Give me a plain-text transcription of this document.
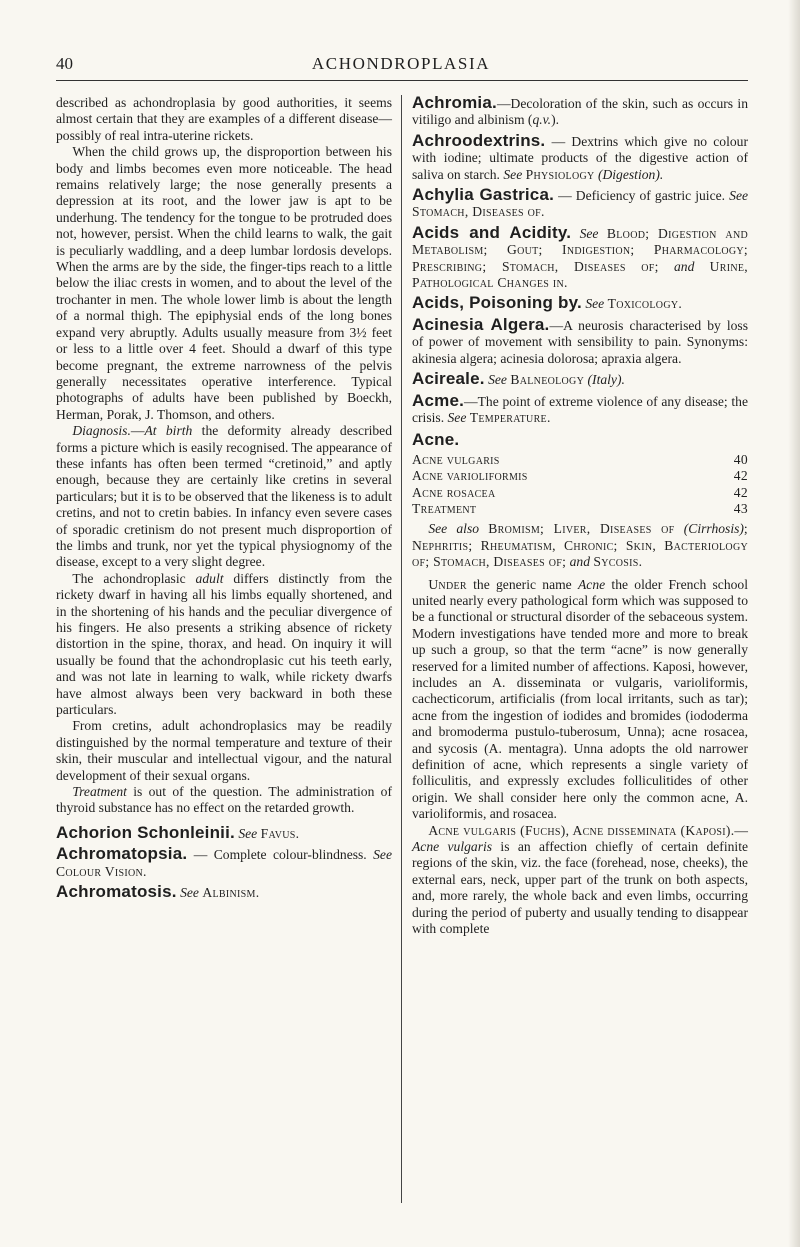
40	ACHONDROPLASIA

described as achondroplasia by good authorities, it seems almost certain that they are examples of a different disease—possibly of real intra-uterine rickets.

When the child grows up, the disproportion between his body and limbs becomes even more noticeable. The head remains relatively large; the nose generally presents a depression at its root, and the lower jaw is apt to be underhung. The tendency for the tongue to be protruded does not, however, persist. When the child learns to walk, the gait is peculiarly waddling, and a deep lumbar lordosis develops. When the arms are by the side, the finger-tips reach to a little below the iliac crests in women, and to about the level of the trochanter in men. The whole lower limb is about the length of a normal thigh. The epiphysial ends of the long bones expand very abruptly. Adults usually measure from 3½ feet or less to a little over 4 feet. Should a dwarf of this type become pregnant, the extreme narrowness of the pelvis generally necessitates operative interference. Typical photographs of adults have been published by Boeckh, Herman, Porak, J. Thomson, and others.

Diagnosis.—At birth the deformity already described forms a picture which is easily recognised. The appearance of these infants has often been termed “cretinoid,” and aptly enough, because they are certainly like cretins in several particulars; but it is to be observed that the likeness is to adult cretins, and not to cretin babies. In infancy even severe cases of sporadic cretinism do not present much disproportion of the limbs and trunk, nor yet the typical physiognomy of the disease, except to a very slight degree.

The achondroplasic adult differs distinctly from the rickety dwarf in having all his limbs equally shortened, and in the shortening of his hands and the peculiar divergence of his fingers. He also presents a striking absence of rickety distortion in the spine, thorax, and head. On inquiry it will usually be found that the achondroplasic cut his teeth early, and was not late in learning to walk, while rickety dwarfs have almost always been very backward in both these particulars.

From cretins, adult achondroplasics may be readily distinguished by the normal temperature and texture of their skin, their muscular and intellectual vigour, and the natural development of their sexual organs.

Treatment is out of the question. The administration of thyroid substance has no effect on the retarded growth.

Achorion Schonleinii. See Favus.

Achromatopsia. — Complete colour-blindness. See Colour Vision.

Achromatosis. See Albinism.

Achromia.—Decoloration of the skin, such as occurs in vitiligo and albinism (q.v.).

Achroodextrins. — Dextrins which give no colour with iodine; ultimate products of the digestive action of saliva on starch. See Physiology (Digestion).

Achylia Gastrica. — Deficiency of gastric juice. See Stomach, Diseases of.

Acids and Acidity. See Blood; Digestion and Metabolism; Gout; Indigestion; Pharmacology; Prescribing; Stomach, Diseases of; and Urine, Pathological Changes in.

Acids, Poisoning by. See Toxicology.

Acinesia Algera.—A neurosis characterised by loss of power of movement with sensibility to pain. Synonyms: akinesia algera; acinesia dolorosa; apraxia algera.

Acireale. See Balneology (Italy).

Acme.—The point of extreme violence of any disease; the crisis. See Temperature.

Acne.
Acne vulgaris	40
Acne varioliformis	42
Acne rosacea	42
Treatment	43

See also Bromism; Liver, Diseases of (Cirrhosis); Nephritis; Rheumatism, Chronic; Skin, Bacteriology of; Stomach, Diseases of; and Sycosis.

Under the generic name Acne the older French school united nearly every pathological form which was supposed to be a functional or structural disorder of the sebaceous system. Modern investigations have tended more and more to break up such a group, so that the term “acne” is now generally reserved for a limited number of affections. Kaposi, however, includes an A. disseminata or vulgaris, varioliformis, cachecticorum, artificialis (from local irritants, such as tar); acne from the ingestion of iodides and bromides (iododerma and bromoderma pustulo-tuberosum, Unna); acne rosacea, and sycosis (A. mentagra). Unna adopts the old narrower definition of acne, which represents a single variety of folliculitis, and expressly excludes folliculitides of other origin. We shall consider here only the common acne, A. varioliformis, and rosacea.

Acne vulgaris (Fuchs), Acne disseminata (Kaposi).—Acne vulgaris is an affection chiefly of certain definite regions of the skin, viz. the face (forehead, nose, cheeks), the external ears, neck, upper part of the trunk on both aspects, and, more rarely, the whole back and even limbs, occurring during the period of puberty and usually tending to disappear with complete
